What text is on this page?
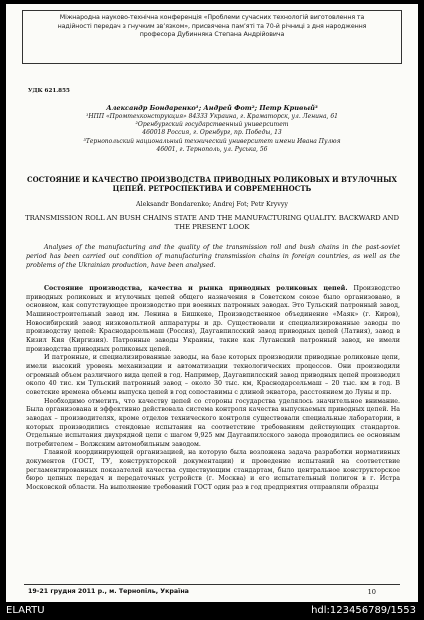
Міжнародна науково-технічна конференція «Проблеми сучасних технологій виготовлення та
надійності передач з гнучким зв’язком», присвячена пам’яті та 70-й річниці з дня народження
професора Дубинняка Степана Андрійовича
УДК 621.855
Александр Бондаренко¹; Андрей Фот²; Петр Кривый³
¹НПП «Промтехконструкция» 84333 Украина, г. Краматорск, ул. Ленина, 61
²Оренбургский государственный университет
460018 Россия, г. Оренбург, пр. Победы, 13
³Тернопольский национальный технический университет имени Ивана Пулюя
46001, г. Тернополь, ул. Руська, 56
СОСТОЯНИЕ И КАЧЕСТВО ПРОИЗВОДСТВА ПРИВОДНЫХ РОЛИКОВЫХ И ВТУЛОЧНЫХ ЦЕПЕЙ. РЕТРОСПЕКТИВА И СОВРЕМЕННОСТЬ
Aleksandr Bondarenko; Andrej Fot; Petr Kryvyy
TRANSMISSION ROLL AN BUSH CHAINS STATE AND THE MANUFACTURING QUALITY. BACKWARD AND THE PRESENT LOOK
Analyses of the manufacturing and the quality of the transmission roll and bush chains in the past-soviet period has been carried out condition of manufacturing transmission chains in foreign countries, as well as the problems of the Ukrainian production, have been analysed.

Состояние производства, качества и рынка приводных роликовых цепей. Производство приводных роликовых и втулочных цепей общего назначения в Советском союзе было организовано, в основном, как сопутствующее производство при военных патронных заводах. Это Тульский патронный завод, Машиностроительный завод им. Ленина в Бишкеке, Производственное объединение «Маяк» (г. Киров), Новосибирский завод низковольтной аппаратуры и др. Существовали и специализированные заводы по производству цепей: Краснодарсельмаш (Россия), Даугавпилсский завод приводных цепей (Латвия), завод в Кизил Кия (Киргизия). Патронные заводы Украины, такие как Луганский патронный завод, не имели производства приводных роликовых цепей.

И патронные, и специализированные заводы, на базе которых производили приводные роликовые цепи, имели высокий уровень механизации и автоматизации технологических процессов. Они производили огромный объем различного вида цепей в год. Например, Даугавпилсский завод приводных цепей производил около 40 тис. км Тульский патронный завод – около 30 тыс. км, Краснодарсельмаш – 20 тыс. км в год. В советские времена объемы выпуска цепей в год сопоставимы с длиной экватора, расстоянием до Луны и пр.

Необходимо отметить, что качеству цепей со стороны государства уделялось значительное внимание. Была организована и эффективно действовала система контроля качества выпускаемых приводных цепей. На заводах – производителях, кроме отделов технического контроля существовали специальные лаборатории, в которых производились стендовые испытания на соответствие требованиям действующих стандартов. Отдельные испытания двухрядной цепи с шагом 9,925 мм Даугавпилсского завода проводились ее основным потребителем – Волжским автомобильным заводом.

Главной координирующей организацией, на которую была возложена задача разработки нормативных документов (ГОСТ, ТУ, конструкторской документации) и проведение испытаний на соответствие регламентированных показателей качества существующим стандартам, было центральное конструкторское бюро цепных передач и передаточных устройств (г. Москва) и его испытательный полигон в г. Истра Московской области. На выполнение требований ГОСТ один раз в год предприятия отправляли образцы

19-21 грудня 2011 р., м. Тернопіль, Україна	10
ELARTU	hdl:123456789/1553
